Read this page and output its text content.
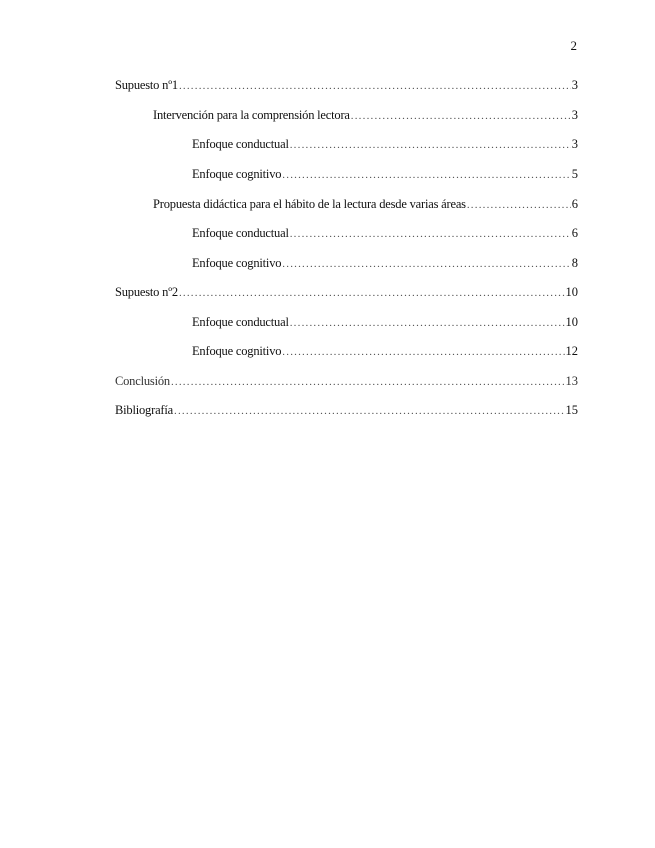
2

Supuesto nº1 .....	3
Intervención para la comprensión lectora .....	3
Enfoque conductual .....	3
Enfoque cognitivo .....	5
Propuesta didáctica para el hábito de la lectura desde varias áreas .....	6
Enfoque conductual .....	6
Enfoque cognitivo .....	8
Supuesto nº2 .....	10
Enfoque conductual .....	10
Enfoque cognitivo .....	12
Conclusión .....	13
Bibliografía .....	15
